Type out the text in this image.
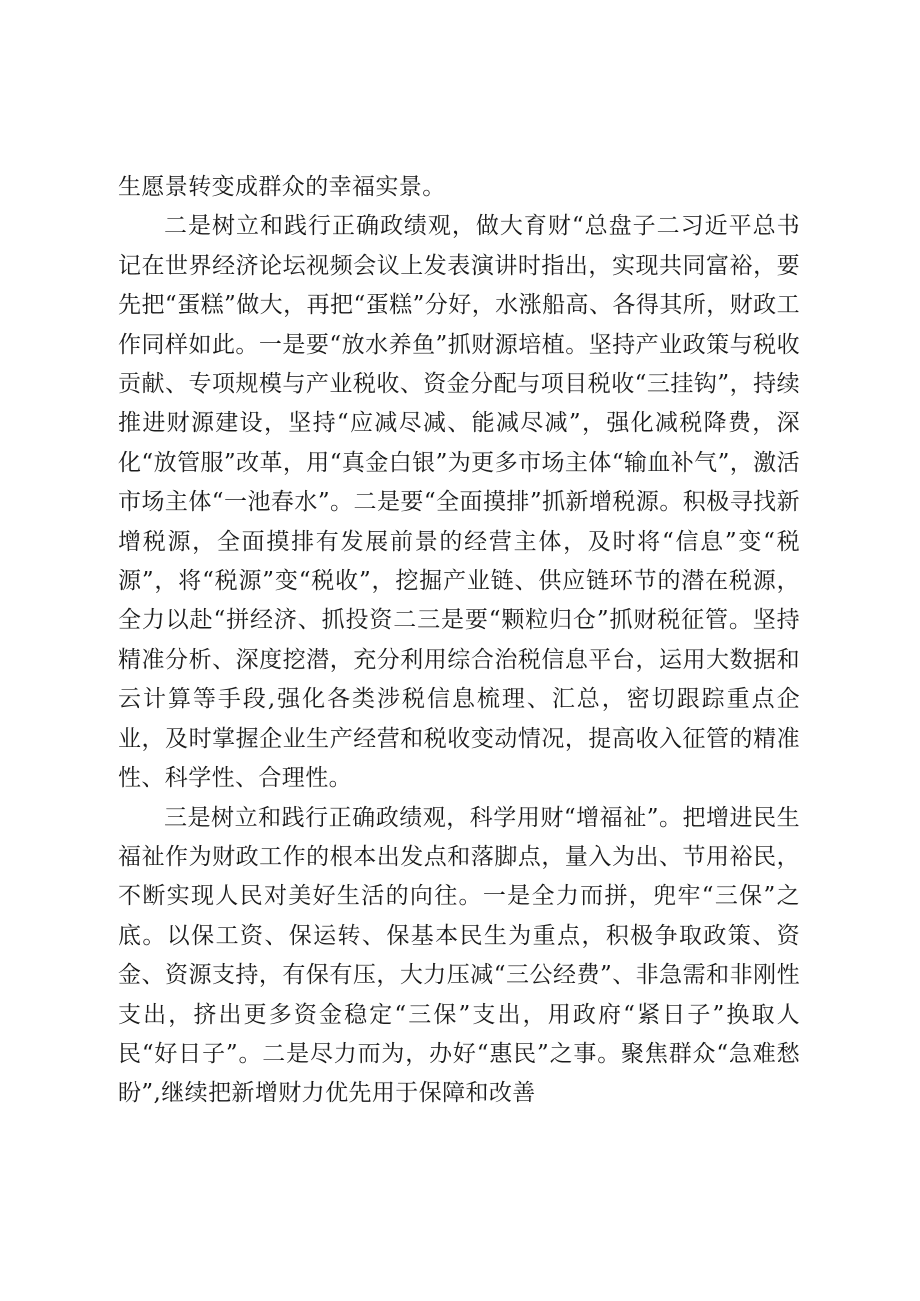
生愿景转变成群众的幸福实景。

二是树立和践行正确政绩观，做大育财“总盘子二习近平总书记在世界经济论坛视频会议上发表演讲时指出，实现共同富裕，要先把“蛋糕”做大，再把“蛋糕”分好，水涨船高、各得其所，财政工作同样如此。一是要“放水养鱼”抓财源培植。坚持产业政策与税收贡献、专项规模与产业税收、资金分配与项目税收“三挂钩”，持续推进财源建设，坚持“应减尽减、能减尽减”，强化减税降费，深化“放管服”改革，用“真金白银”为更多市场主体“输血补气”，激活市场主体“一池春水”。二是要“全面摸排”抓新增税源。积极寻找新增税源，全面摸排有发展前景的经营主体，及时将“信息”变“税源”，将“税源”变“税收”，挖掘产业链、供应链环节的潜在税源，全力以赴“拼经济、抓投资二三是要“颗粒归仓”抓财税征管。坚持精准分析、深度挖潜，充分利用综合治税信息平台，运用大数据和云计算等手段,强化各类涉税信息梳理、汇总，密切跟踪重点企业，及时掌握企业生产经营和税收变动情况，提高收入征管的精准性、科学性、合理性。

三是树立和践行正确政绩观，科学用财“增福祉”。把增进民生福祉作为财政工作的根本出发点和落脚点，量入为出、节用裕民，不断实现人民对美好生活的向往。一是全力而拼，兜牢“三保”之底。以保工资、保运转、保基本民生为重点，积极争取政策、资金、资源支持，有保有压，大力压减“三公经费”、非急需和非刚性支出，挤出更多资金稳定“三保”支出，用政府“紧日子”换取人民“好日子”。二是尽力而为，办好“惠民”之事。聚焦群众“急难愁盼”,继续把新增财力优先用于保障和改善
